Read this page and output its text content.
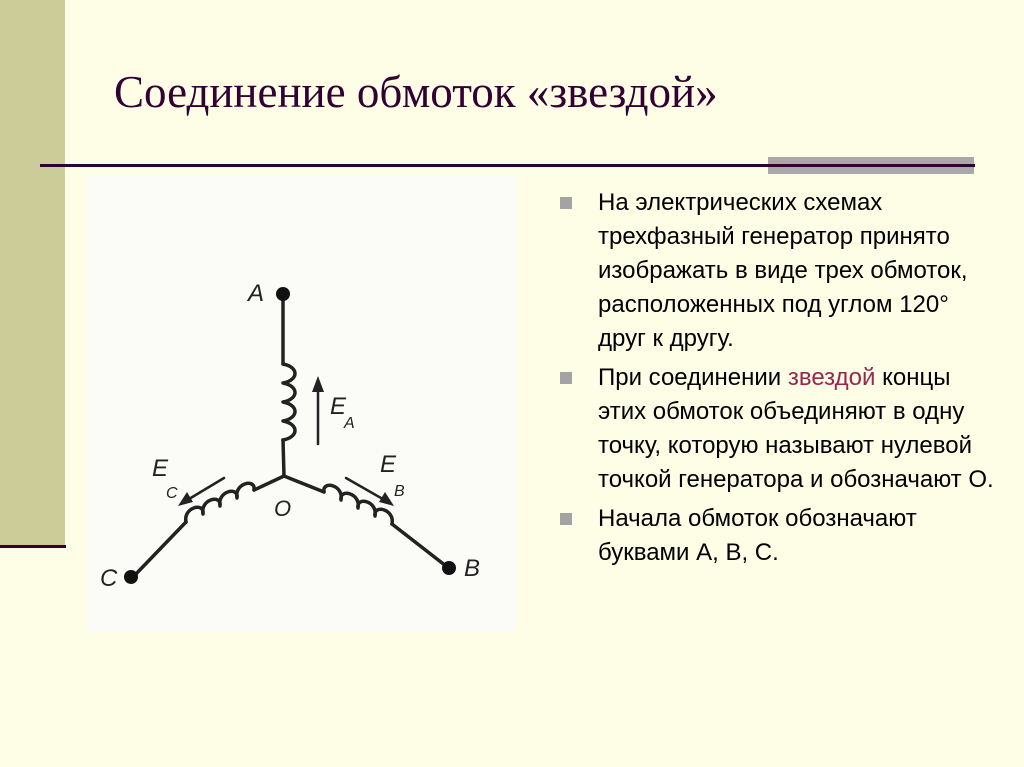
Соединение обмоток «звездой»
A
B
C
O
E
A
E
B
E
C
На электрических схемах трехфазный генератор принято изображать в виде трех обмоток, расположенных под углом 120° друг к другу.
При соединении звездой концы этих обмоток объединяют в одну точку, которую называют нулевой точкой генератора и обозначают О.
Начала обмоток обозначают буквами А, В, С.
